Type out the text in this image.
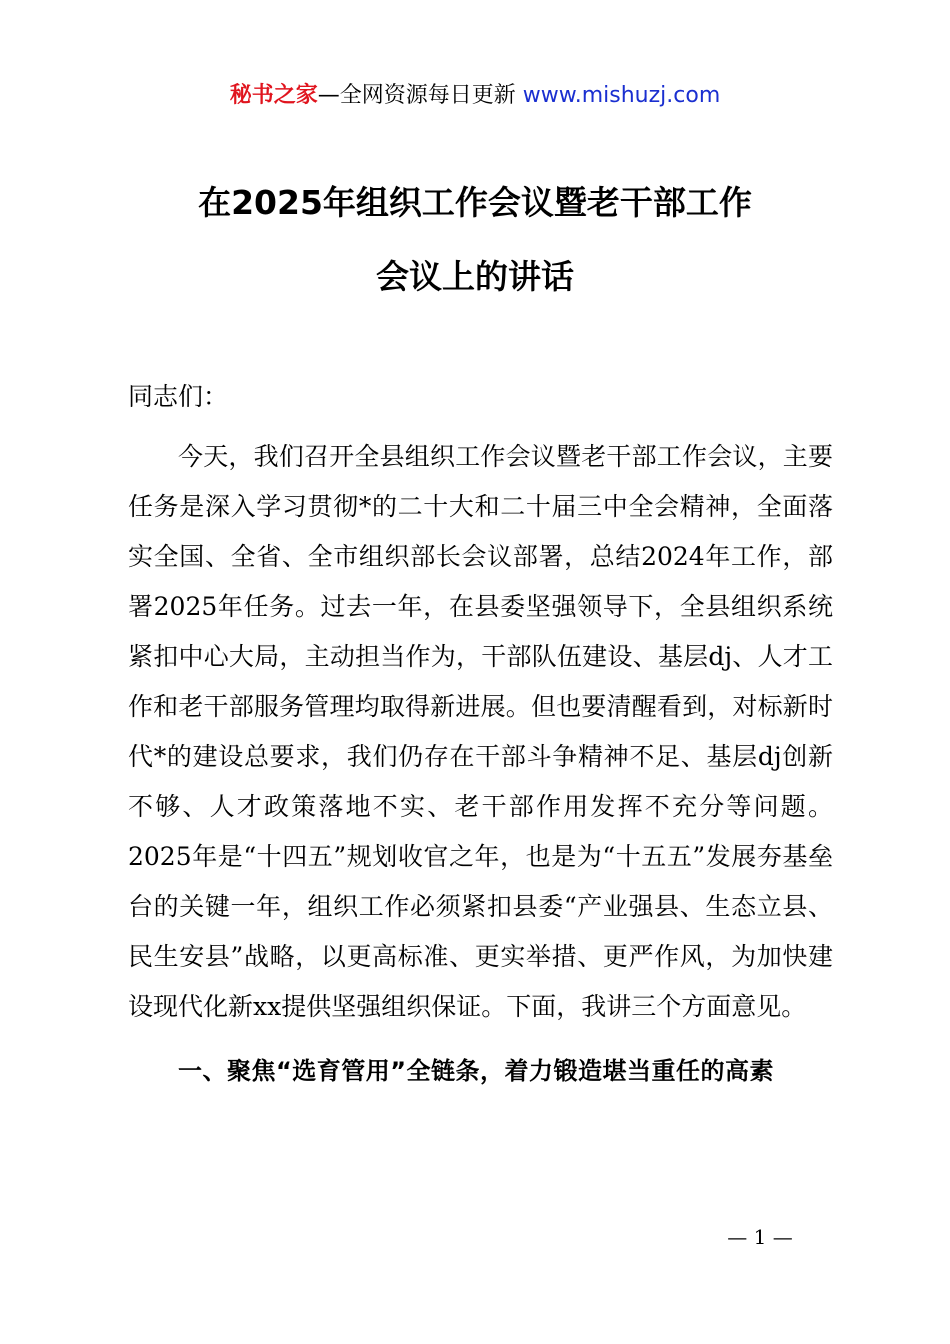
秘书之家—全网资源每日更新 www.mishuzj.com
在2025年组织工作会议暨老干部工作
会议上的讲话

同志们：

今天，我们召开全县组织工作会议暨老干部工作会议，主要任务是深入学习贯彻*的二十大和二十届三中全会精神，全面落实全国、全省、全市组织部长会议部署，总结2024年工作，部署2025年任务。过去一年，在县委坚强领导下，全县组织系统紧扣中心大局，主动担当作为，干部队伍建设、基层dj、人才工作和老干部服务管理均取得新进展。但也要清醒看到，对标新时代*的建设总要求，我们仍存在干部斗争精神不足、基层dj创新不够、人才政策落地不实、老干部作用发挥不充分等问题。2025年是“十四五”规划收官之年，也是为“十五五”发展夯基垒台的关键一年，组织工作必须紧扣县委“产业强县、生态立县、民生安县”战略，以更高标准、更实举措、更严作风，为加快建设现代化新xx提供坚强组织保证。下面，我讲三个方面意见。

一、聚焦“选育管用”全链条，着力锻造堪当重任的高素

— 1 —
